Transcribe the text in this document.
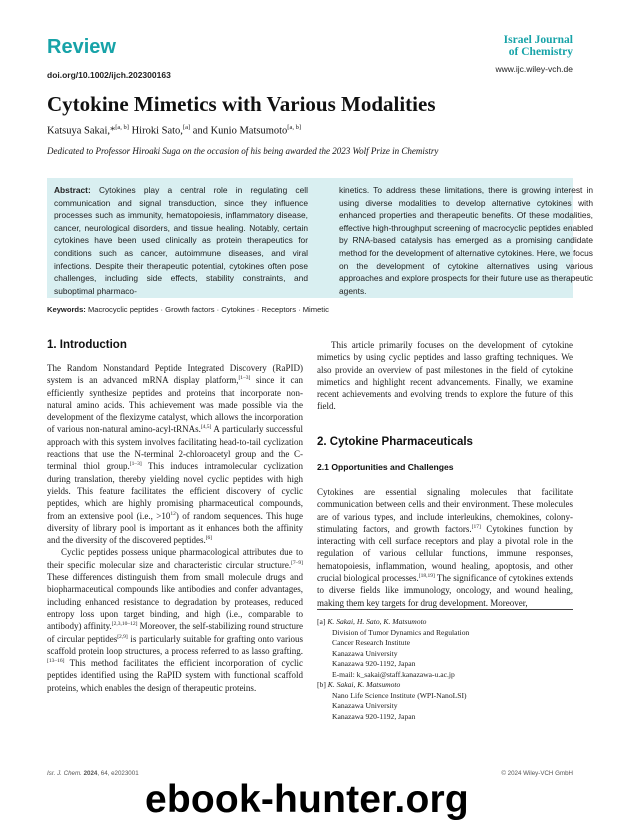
Review
doi.org/10.1002/ijch.202300163
Israel Journal
of Chemistry
www.ijc.wiley-vch.de
Cytokine Mimetics with Various Modalities
Katsuya Sakai,*[a, b] Hiroki Sato,[a] and Kunio Matsumoto[a, b]
Dedicated to Professor Hiroaki Suga on the occasion of his being awarded the 2023 Wolf Prize in Chemistry
Abstract: Cytokines play a central role in regulating cell communication and signal transduction, since they influence processes such as immunity, hematopoiesis, inflammatory disease, cancer, neurological disorders, and tissue healing. Notably, certain cytokines have been used clinically as protein therapeutics for conditions such as cancer, autoimmune diseases, and viral infections. Despite their therapeutic potential, cytokines often pose challenges, including side effects, stability constraints, and suboptimal pharmaco-
kinetics. To address these limitations, there is growing interest in using diverse modalities to develop alternative cytokines with enhanced properties and therapeutic benefits. Of these modalities, effective high-throughput screening of macrocyclic peptides enabled by RNA-based catalysis has emerged as a promising candidate method for the development of alternative cytokines. Here, we focus on the development of cytokine alternatives using various approaches and explore prospects for their future use as therapeutic agents.
Keywords: Macrocyclic peptides · Growth factors · Cytokines · Receptors · Mimetic
1. Introduction

The Random Nonstandard Peptide Integrated Discovery (RaPID) system is an advanced mRNA display platform,[1–3] since it can efficiently synthesize peptides and proteins that incorporate non-natural amino acids. This achievement was made possible via the development of the flexizyme catalyst, which allows the incorporation of various non-natural amino-acyl-tRNAs.[4,5] A particularly successful approach with this system involves facilitating head-to-tail cyclization reactions that use the N-terminal 2-chloroacetyl group and the C-terminal thiol group.[1–3] This induces intramolecular cyclization during translation, thereby yielding novel cyclic peptides with high yields. This feature facilitates the efficient discovery of cyclic peptides, which are highly promising pharmaceutical compounds, from an extensive pool (i.e., $>10^{12}$) of random sequences. This huge diversity of library pool is important as it enhances both the affinity and the diversity of the discovered peptides.[6]

Cyclic peptides possess unique pharmacological attributes due to their specific molecular size and characteristic circular structure.[7–9] These differences distinguish them from small molecule drugs and biopharmaceutical compounds like antibodies and confer advantages, including enhanced resistance to degradation by proteases, reduced entropy loss upon target binding, and high (i.e., comparable to antibody) affinity.[2,3,10–12] Moreover, the self-stabilizing round structure of circular peptides[2,9] is particularly suitable for grafting onto various scaffold protein loop structures, a process referred to as lasso grafting.[13–16] This method facilitates the efficient incorporation of cyclic peptides identified using the RaPID system with functional scaffold proteins, which enables the design of therapeutic proteins.

This article primarily focuses on the development of cytokine mimetics by using cyclic peptides and lasso grafting techniques. We also provide an overview of past milestones in the field of cytokine mimetics and highlight recent advancements. Finally, we examine recent achievements and evolving trends to explore the future of this field.

2. Cytokine Pharmaceuticals
2.1 Opportunities and Challenges

Cytokines are essential signaling molecules that facilitate communication between cells and their environment. These molecules are of various types, and include interleukins, chemokines, colony-stimulating factors, and growth factors.[17] Cytokines function by interacting with cell surface receptors and play a pivotal role in the regulation of various cellular functions, immune responses, hematopoiesis, inflammation, wound healing, apoptosis, and other crucial biological processes.[18,19] The significance of cytokines extends to diverse fields like immunology, oncology, and wound healing, making them key targets for drug development. Moreover,

[a] K. Sakai, H. Sato, K. Matsumoto
Division of Tumor Dynamics and Regulation
Cancer Research Institute
Kanazawa University
Kanazawa 920-1192, Japan
E-mail: k_sakai@staff.kanazawa-u.ac.jp
[b] K. Sakai, K. Matsumoto
Nano Life Science Institute (WPI-NanoLSI)
Kanazawa University
Kanazawa 920-1192, Japan
Isr. J. Chem. 2024, 64, e2023001	© 2024 Wiley-VCH GmbH
ebook-hunter.org
